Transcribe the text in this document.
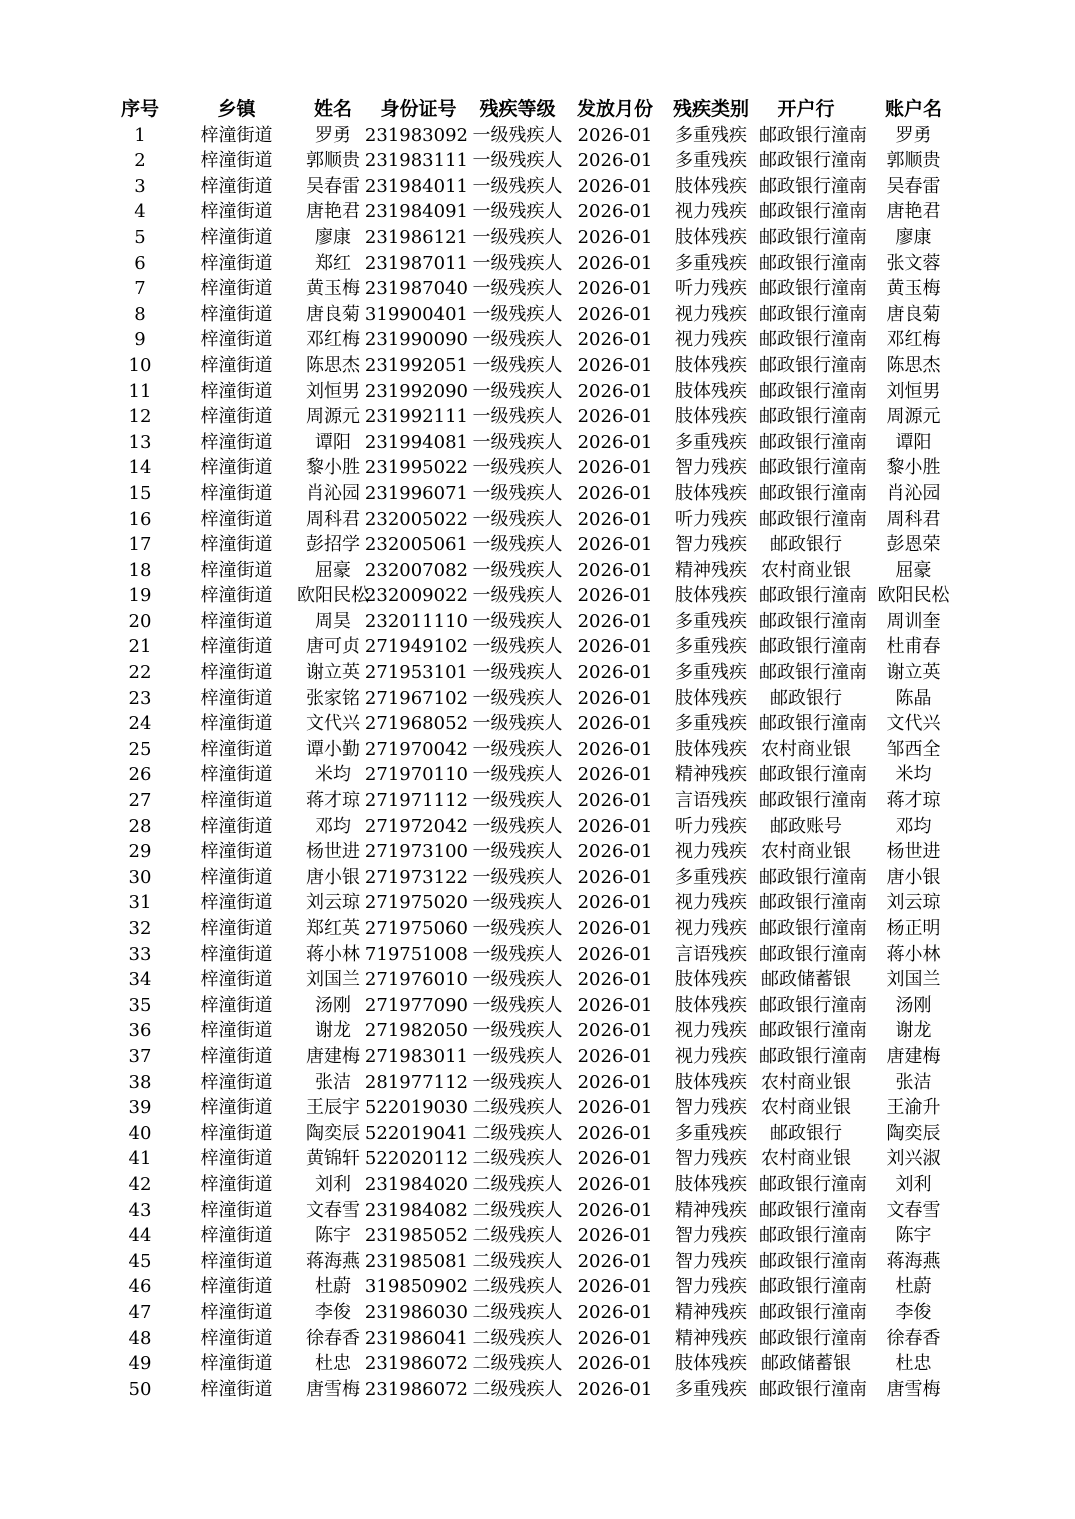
序号	乡镇	姓名	身份证号	残疾等级	发放月份	残疾类别	开户行	账户名
1	梓潼街道	罗勇	231983092	一级残疾人	2026-01	多重残疾	邮政银行潼南	罗勇
2	梓潼街道	郭顺贵	231983111	一级残疾人	2026-01	多重残疾	邮政银行潼南	郭顺贵
3	梓潼街道	吴春雷	231984011	一级残疾人	2026-01	肢体残疾	邮政银行潼南	吴春雷
4	梓潼街道	唐艳君	231984091	一级残疾人	2026-01	视力残疾	邮政银行潼南	唐艳君
5	梓潼街道	廖康	231986121	一级残疾人	2026-01	肢体残疾	邮政银行潼南	廖康
6	梓潼街道	郑红	231987011	一级残疾人	2026-01	多重残疾	邮政银行潼南	张文蓉
7	梓潼街道	黄玉梅	231987040	一级残疾人	2026-01	听力残疾	邮政银行潼南	黄玉梅
8	梓潼街道	唐良菊	319900401	一级残疾人	2026-01	视力残疾	邮政银行潼南	唐良菊
9	梓潼街道	邓红梅	231990090	一级残疾人	2026-01	视力残疾	邮政银行潼南	邓红梅
10	梓潼街道	陈思杰	231992051	一级残疾人	2026-01	肢体残疾	邮政银行潼南	陈思杰
11	梓潼街道	刘恒男	231992090	一级残疾人	2026-01	肢体残疾	邮政银行潼南	刘恒男
12	梓潼街道	周源元	231992111	一级残疾人	2026-01	肢体残疾	邮政银行潼南	周源元
13	梓潼街道	谭阳	231994081	一级残疾人	2026-01	多重残疾	邮政银行潼南	谭阳
14	梓潼街道	黎小胜	231995022	一级残疾人	2026-01	智力残疾	邮政银行潼南	黎小胜
15	梓潼街道	肖沁园	231996071	一级残疾人	2026-01	肢体残疾	邮政银行潼南	肖沁园
16	梓潼街道	周科君	232005022	一级残疾人	2026-01	听力残疾	邮政银行潼南	周科君
17	梓潼街道	彭招学	232005061	一级残疾人	2026-01	智力残疾	邮政银行	彭恩荣
18	梓潼街道	屈豪	232007082	一级残疾人	2026-01	精神残疾	农村商业银	屈豪
19	梓潼街道	欧阳民松	232009022	一级残疾人	2026-01	肢体残疾	邮政银行潼南	欧阳民松
20	梓潼街道	周昊	232011110	一级残疾人	2026-01	多重残疾	邮政银行潼南	周训奎
21	梓潼街道	唐可贞	271949102	一级残疾人	2026-01	多重残疾	邮政银行潼南	杜甫春
22	梓潼街道	谢立英	271953101	一级残疾人	2026-01	多重残疾	邮政银行潼南	谢立英
23	梓潼街道	张家铭	271967102	一级残疾人	2026-01	肢体残疾	邮政银行	陈晶
24	梓潼街道	文代兴	271968052	一级残疾人	2026-01	多重残疾	邮政银行潼南	文代兴
25	梓潼街道	谭小勤	271970042	一级残疾人	2026-01	肢体残疾	农村商业银	邹西全
26	梓潼街道	米均	271970110	一级残疾人	2026-01	精神残疾	邮政银行潼南	米均
27	梓潼街道	蒋才琼	271971112	一级残疾人	2026-01	言语残疾	邮政银行潼南	蒋才琼
28	梓潼街道	邓均	271972042	一级残疾人	2026-01	听力残疾	邮政账号	邓均
29	梓潼街道	杨世进	271973100	一级残疾人	2026-01	视力残疾	农村商业银	杨世进
30	梓潼街道	唐小银	271973122	一级残疾人	2026-01	多重残疾	邮政银行潼南	唐小银
31	梓潼街道	刘云琼	271975020	一级残疾人	2026-01	视力残疾	邮政银行潼南	刘云琼
32	梓潼街道	郑红英	271975060	一级残疾人	2026-01	视力残疾	邮政银行潼南	杨正明
33	梓潼街道	蒋小林	719751008	一级残疾人	2026-01	言语残疾	邮政银行潼南	蒋小林
34	梓潼街道	刘国兰	271976010	一级残疾人	2026-01	肢体残疾	邮政储蓄银	刘国兰
35	梓潼街道	汤刚	271977090	一级残疾人	2026-01	肢体残疾	邮政银行潼南	汤刚
36	梓潼街道	谢龙	271982050	一级残疾人	2026-01	视力残疾	邮政银行潼南	谢龙
37	梓潼街道	唐建梅	271983011	一级残疾人	2026-01	视力残疾	邮政银行潼南	唐建梅
38	梓潼街道	张洁	281977112	一级残疾人	2026-01	肢体残疾	农村商业银	张洁
39	梓潼街道	王辰宇	522019030	二级残疾人	2026-01	智力残疾	农村商业银	王渝升
40	梓潼街道	陶奕辰	522019041	二级残疾人	2026-01	多重残疾	邮政银行	陶奕辰
41	梓潼街道	黄锦轩	522020112	二级残疾人	2026-01	智力残疾	农村商业银	刘兴淑
42	梓潼街道	刘利	231984020	二级残疾人	2026-01	肢体残疾	邮政银行潼南	刘利
43	梓潼街道	文春雪	231984082	二级残疾人	2026-01	精神残疾	邮政银行潼南	文春雪
44	梓潼街道	陈宇	231985052	二级残疾人	2026-01	智力残疾	邮政银行潼南	陈宇
45	梓潼街道	蒋海燕	231985081	二级残疾人	2026-01	智力残疾	邮政银行潼南	蒋海燕
46	梓潼街道	杜蔚	319850902	二级残疾人	2026-01	智力残疾	邮政银行潼南	杜蔚
47	梓潼街道	李俊	231986030	二级残疾人	2026-01	精神残疾	邮政银行潼南	李俊
48	梓潼街道	徐春香	231986041	二级残疾人	2026-01	精神残疾	邮政银行潼南	徐春香
49	梓潼街道	杜忠	231986072	二级残疾人	2026-01	肢体残疾	邮政储蓄银	杜忠
50	梓潼街道	唐雪梅	231986072	二级残疾人	2026-01	多重残疾	邮政银行潼南	唐雪梅
